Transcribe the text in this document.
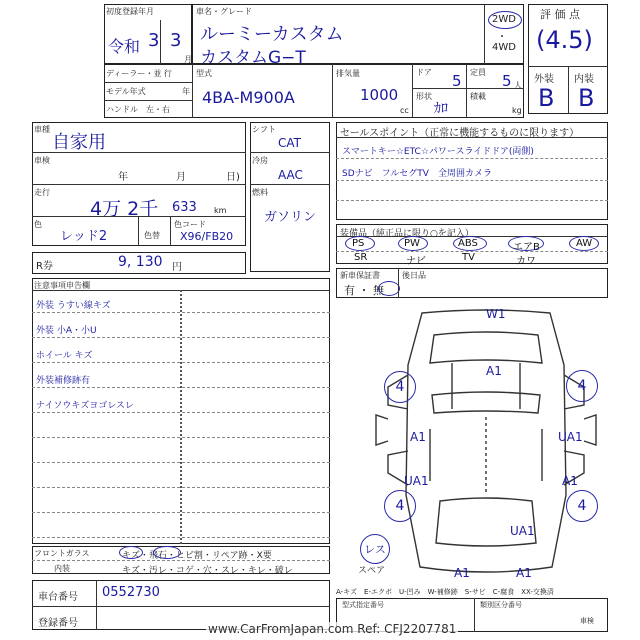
初度登録年月
令和 3 3
月
車名・グレード
ルーミーカスタム
カスタムG−T
2WD
・
4WD
評 価 点
(4.5)
外装 内装
B B
ディーラー・並 行
モデル年式	年
ハンドル　左・右
型式
4BA-M900A
排気量
1000
cc
ドア 5 定員 5 人
形状
ｶﾛ
積載
kg
車種
自家用
車検
年	月	日)
走行
4万 2千 633 km
色
レッド2	色替
色コード
X96/FB20
R券	9, 130 円
注意事項申告欄
外装 うすい線キズ
外装 小A・小U
ホイール キズ
外装補修跡有
ナイソウキズヨゴレスレ
フロントガラス	キズ・飛石・ヒビ割・リペア跡・X要
内装	キズ・汚レ・コゲ・穴・スレ・キレ・破レ
車台番号 0552730
登録番号
シフト
CAT
冷房
AAC
燃料
ガソリン
セールスポイント（正常に機能するものに限ります）
スマートキー☆ETC☆パワースライドドア(両側)
SDナビ　フルセグTV　全周囲カメラ
装備品（純正品に限り○を記入）
PS	PW	ABS	エアB	AW
SR	ナビ	TV	カワ
新車保証書
有 ・ 無
後日品
W1
A1
4	4
A1	UA1
UA1	A1
4	4
UA1
A1	A1
レス
スペア
A-キズ　E-エクボ　U-凹み　W-補修跡　S-サビ　C-腐食　XX-交換済
型式指定番号	類別区分番号
車検
www.CarFromJapan.com Ref: CFJ2207781
